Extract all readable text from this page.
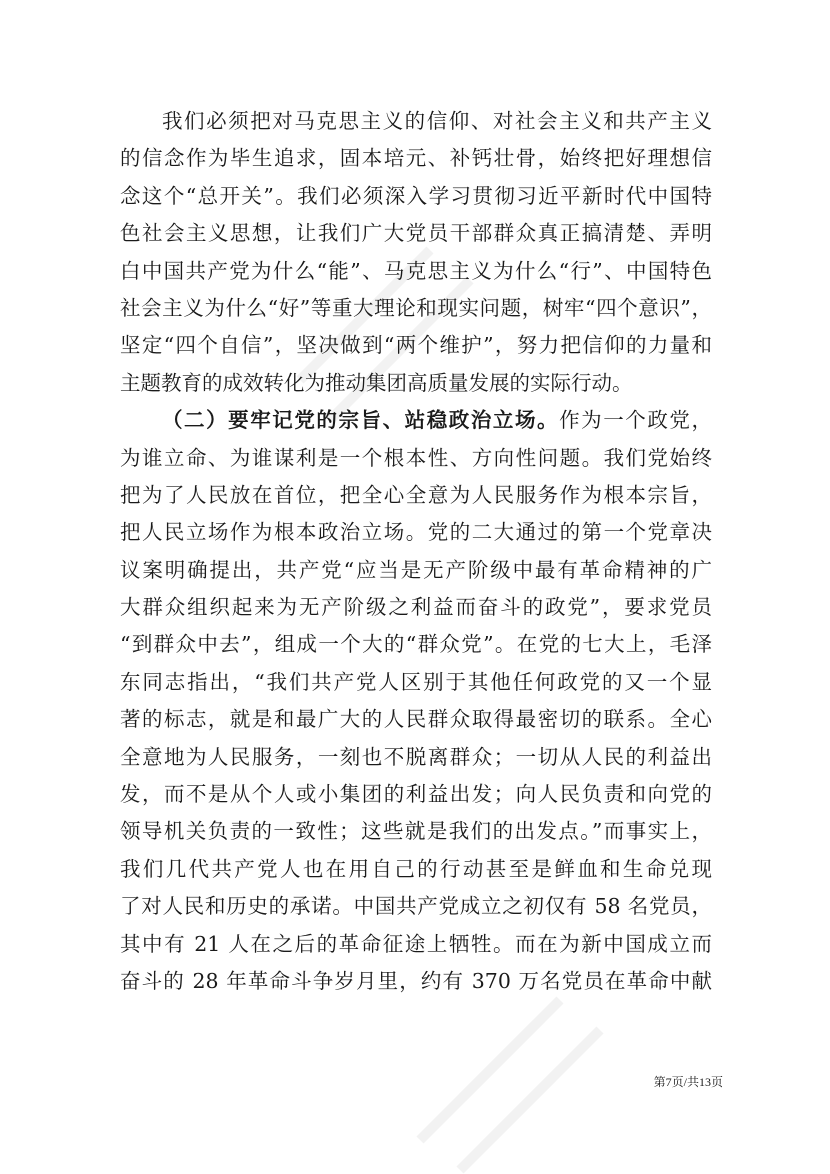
我们必须把对马克思主义的信仰、对社会主义和共产主义
的信念作为毕生追求，固本培元、补钙壮骨，始终把好理想信
念这个“总开关”。我们必须深入学习贯彻习近平新时代中国特
色社会主义思想，让我们广大党员干部群众真正搞清楚、弄明
白中国共产党为什么“能”、马克思主义为什么“行”、中国特色
社会主义为什么“好”等重大理论和现实问题，树牢“四个意识”，
坚定“四个自信”，坚决做到“两个维护”，努力把信仰的力量和
主题教育的成效转化为推动集团高质量发展的实际行动。
（二）要牢记党的宗旨、站稳政治立场。作为一个政党，
为谁立命、为谁谋利是一个根本性、方向性问题。我们党始终
把为了人民放在首位，把全心全意为人民服务作为根本宗旨，
把人民立场作为根本政治立场。党的二大通过的第一个党章决
议案明确提出，共产党“应当是无产阶级中最有革命精神的广
大群众组织起来为无产阶级之利益而奋斗的政党”，要求党员
“到群众中去”，组成一个大的“群众党”。在党的七大上，毛泽
东同志指出，“我们共产党人区别于其他任何政党的又一个显
著的标志，就是和最广大的人民群众取得最密切的联系。全心
全意地为人民服务，一刻也不脱离群众；一切从人民的利益出
发，而不是从个人或小集团的利益出发；向人民负责和向党的
领导机关负责的一致性；这些就是我们的出发点。”而事实上，
我们几代共产党人也在用自己的行动甚至是鲜血和生命兑现
了对人民和历史的承诺。中国共产党成立之初仅有 58 名党员，
其中有 21 人在之后的革命征途上牺牲。而在为新中国成立而
奋斗的 28 年革命斗争岁月里，约有 370 万名党员在革命中献
第7页/共13页
